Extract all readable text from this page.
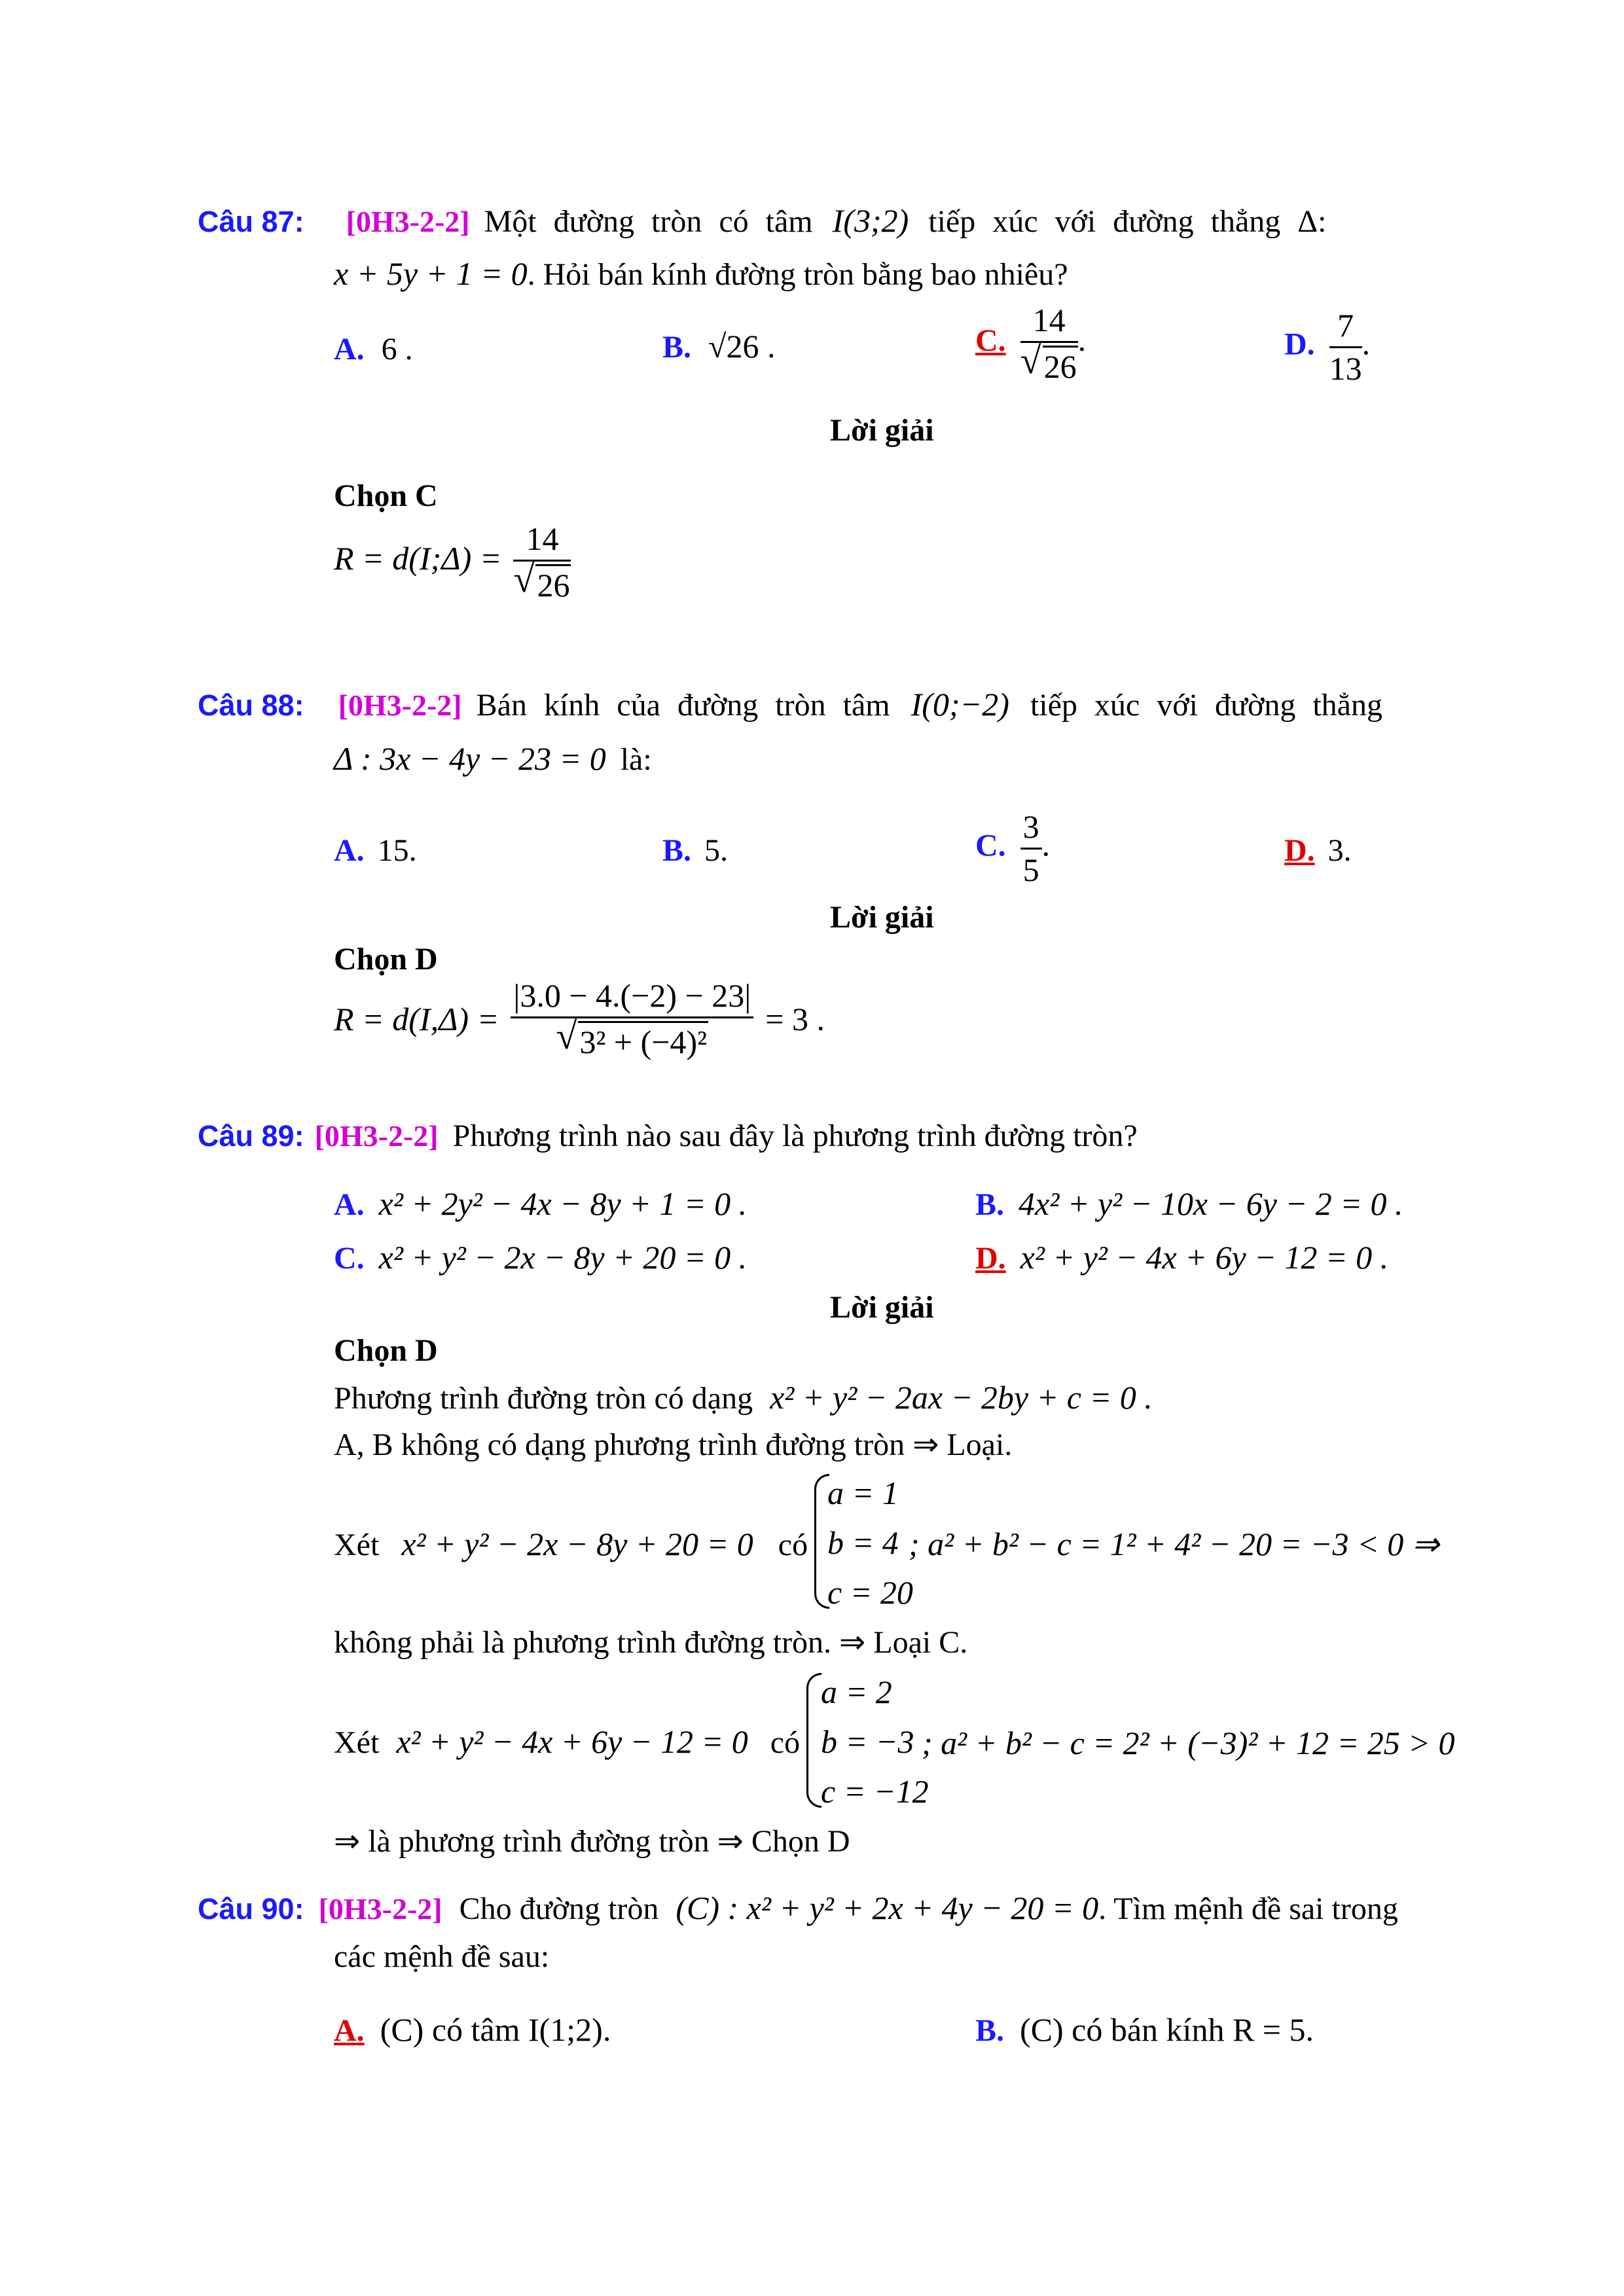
Câu 87: [0H3-2-2] Một đường tròn có tâm I(3;2) tiếp xúc với đường thẳng Δ:
x + 5y + 1 = 0. Hỏi bán kính đường tròn bằng bao nhiêu?
A. 6 .	B. √26 .	C. $\frac{14}{√ 26}$ .	D. $\frac{7}{13}$ .
Lời giải
Chọn C
R = d(I;Δ) = $\frac{14}{√ 26}$
Câu 88: [0H3-2-2] Bán kính của đường tròn tâm I(0;−2) tiếp xúc với đường thẳng
Δ : 3x − 4y − 23 = 0 là:
A. 15.	B. 5.	C. $\frac{3}{5}$ .	D. 3.
Lời giải
Chọn D
$R = d(I,\Delta) = \frac{|3.0 - 4.(-2) - 23|}{\text{√ 3² + (−4)²}} = 3$ .
Câu 89: [0H3-2-2] Phương trình nào sau đây là phương trình đường tròn?
A. x² + 2y² − 4x − 8y + 1 = 0 .	B. 4x² + y² − 10x − 6y − 2 = 0 .
C. x² + y² − 2x − 8y + 20 = 0 .	D. x² + y² − 4x + 6y − 12 = 0 .
Lời giải
Chọn D
Phương trình đường tròn có dạng x² + y² − 2ax − 2by + c = 0 .
A, B không có dạng phương trình đường tròn ⇒ Loại.
Xét x² + y² − 2x − 8y + 20 = 0 có
a = 1
b = 4
c = 20
; a² + b² − c = 1² + 4² − 20 = −3 < 0 ⇒
không phải là phương trình đường tròn. ⇒ Loại C.
Xét x² + y² − 4x + 6y − 12 = 0 có
a = 2
b = −3
c = −12
; a² + b² − c = 2² + (−3)² + 12 = 25 > 0
⇒ là phương trình đường tròn ⇒ Chọn D
Câu 90: [0H3-2-2] Cho đường tròn (C) : x² + y² + 2x + 4y − 20 = 0. Tìm mệnh đề sai trong
các mệnh đề sau:
A. (C) có tâm I(1;2).	B. (C) có bán kính R = 5.
